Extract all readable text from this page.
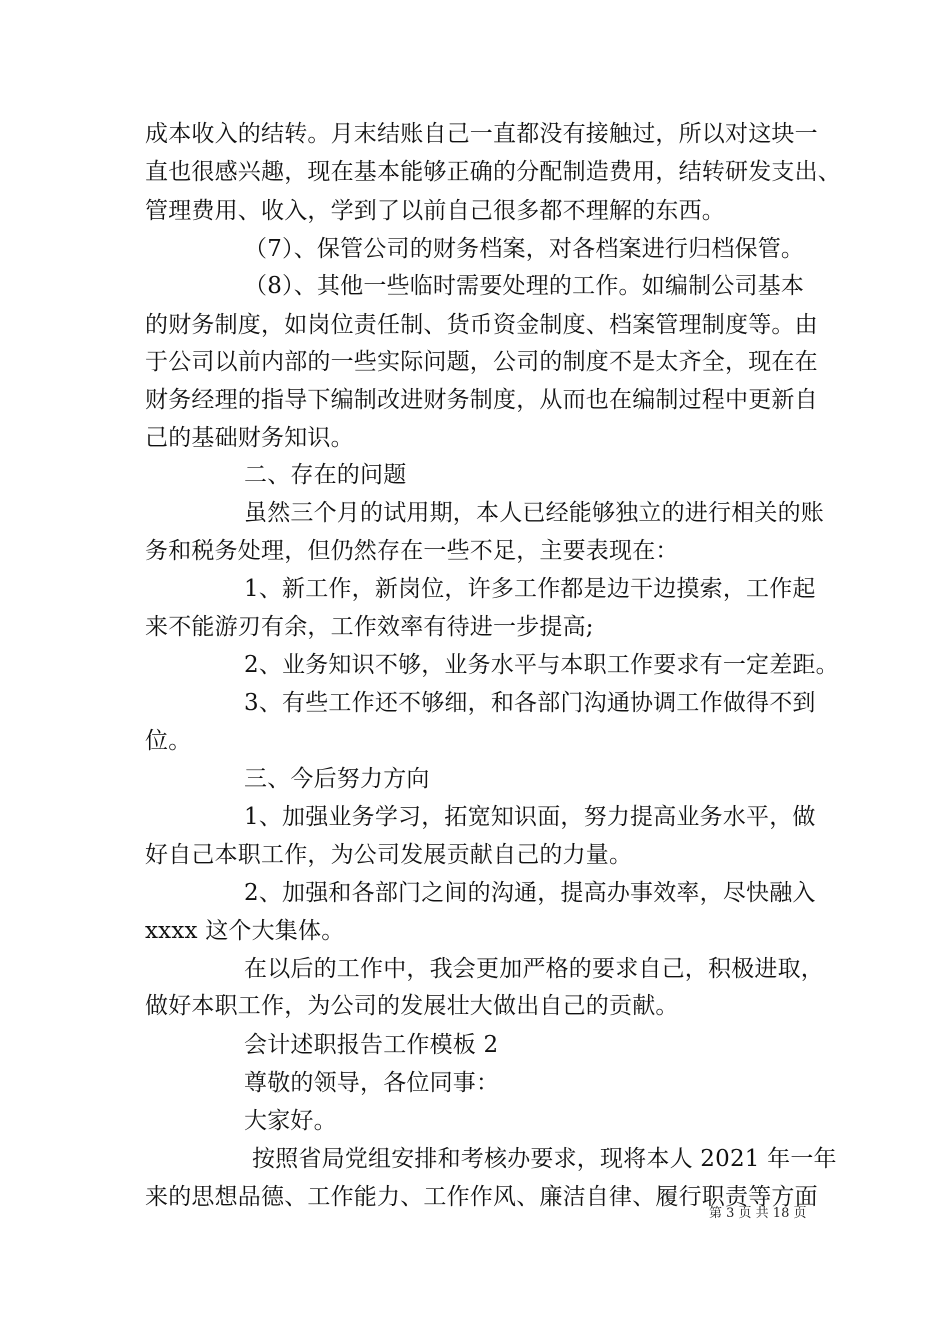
成本收入的结转。月末结账自己一直都没有接触过，所以对这块一
直也很感兴趣，现在基本能够正确的分配制造费用，结转研发支出、
管理费用、收入，学到了以前自己很多都不理解的东西。
（7）、保管公司的财务档案，对各档案进行归档保管。
（8）、其他一些临时需要处理的工作。如编制公司基本
的财务制度，如岗位责任制、货币资金制度、档案管理制度等。由
于公司以前内部的一些实际问题，公司的制度不是太齐全，现在在
财务经理的指导下编制改进财务制度，从而也在编制过程中更新自
己的基础财务知识。
二、存在的问题
虽然三个月的试用期，本人已经能够独立的进行相关的账
务和税务处理，但仍然存在一些不足，主要表现在：
1、新工作，新岗位，许多工作都是边干边摸索，工作起
来不能游刃有余，工作效率有待进一步提高;
2、业务知识不够，业务水平与本职工作要求有一定差距。
3、有些工作还不够细，和各部门沟通协调工作做得不到
位。
三、今后努力方向
1、加强业务学习，拓宽知识面，努力提高业务水平，做
好自己本职工作，为公司发展贡献自己的力量。
2、加强和各部门之间的沟通，提高办事效率，尽快融入
xxxx 这个大集体。
在以后的工作中，我会更加严格的要求自己，积极进取，
做好本职工作，为公司的发展壮大做出自己的贡献。
会计述职报告工作模板 2
尊敬的领导，各位同事：
大家好。
按照省局党组安排和考核办要求，现将本人 2021 年一年
来的思想品德、工作能力、工作作风、廉洁自律、履行职责等方面
第 3 页 共 18 页
